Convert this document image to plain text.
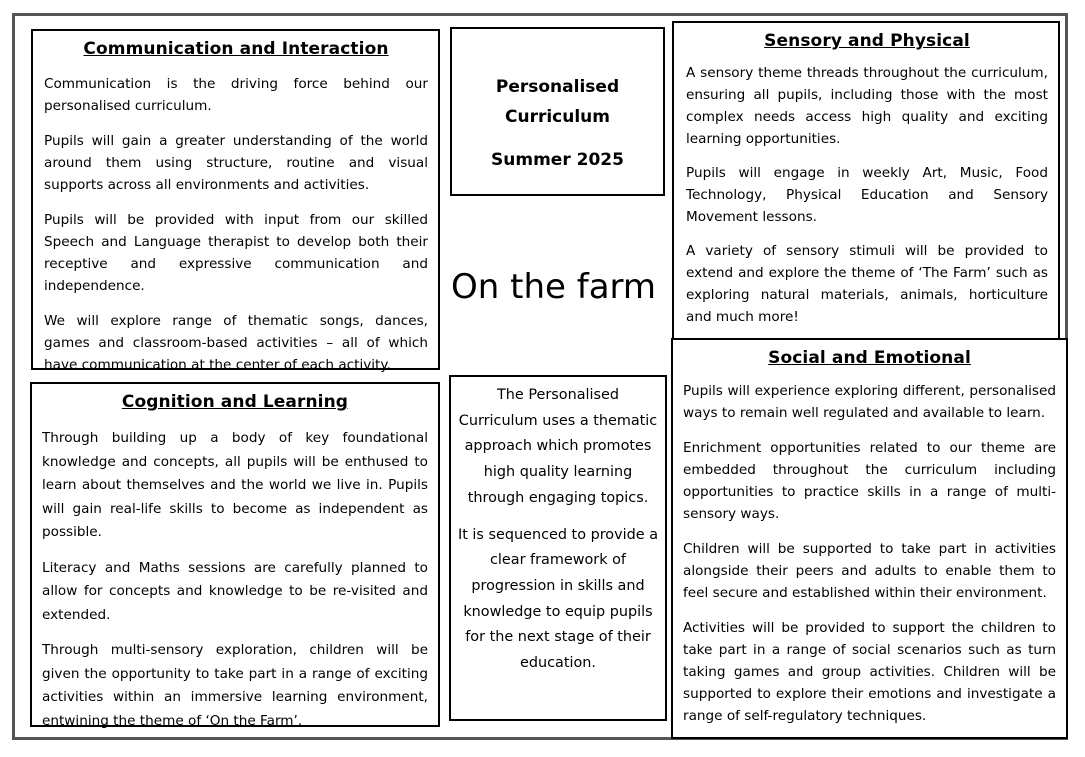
Communication and Interaction

Communication is the driving force behind our personalised curriculum.

Pupils will gain a greater understanding of the world around them using structure, routine and visual supports across all environments and activities.

Pupils will be provided with input from our skilled Speech and Language therapist to develop both their receptive and expressive communication and independence.

We will explore range of thematic songs, dances, games and classroom-based activities – all of which have communication at the center of each activity.

Personalised
Curriculum
Summer 2025
On the farm
Sensory and Physical

A sensory theme threads throughout the curriculum, ensuring all pupils, including those with the most complex needs access high quality and exciting learning opportunities.

Pupils will engage in weekly Art, Music, Food Technology, Physical Education and Sensory Movement lessons.

A variety of sensory stimuli will be provided to extend and explore the theme of ‘The Farm’ such as exploring natural materials, animals, horticulture and much more!

Cognition and Learning

Through building up a body of key foundational knowledge and concepts, all pupils will be enthused to learn about themselves and the world we live in. Pupils will gain real-life skills to become as independent as possible.

Literacy and Maths sessions are carefully planned to allow for concepts and knowledge to be re-visited and extended.

Through multi-sensory exploration, children will be given the opportunity to take part in a range of exciting activities within an immersive learning environment, entwining the theme of ‘On the Farm’.

The Personalised Curriculum uses a thematic approach which promotes high quality learning through engaging topics.

It is sequenced to provide a clear framework of progression in skills and knowledge to equip pupils for the next stage of their education.

Social and Emotional

Pupils will experience exploring different, personalised ways to remain well regulated and available to learn.

Enrichment opportunities related to our theme are embedded throughout the curriculum including opportunities to practice skills in a range of multi-sensory ways.

Children will be supported to take part in activities alongside their peers and adults to enable them to feel secure and established within their environment.

Activities will be provided to support the children to take part in a range of social scenarios such as turn taking games and group activities. Children will be supported to explore their emotions and investigate a range of self-regulatory techniques.
